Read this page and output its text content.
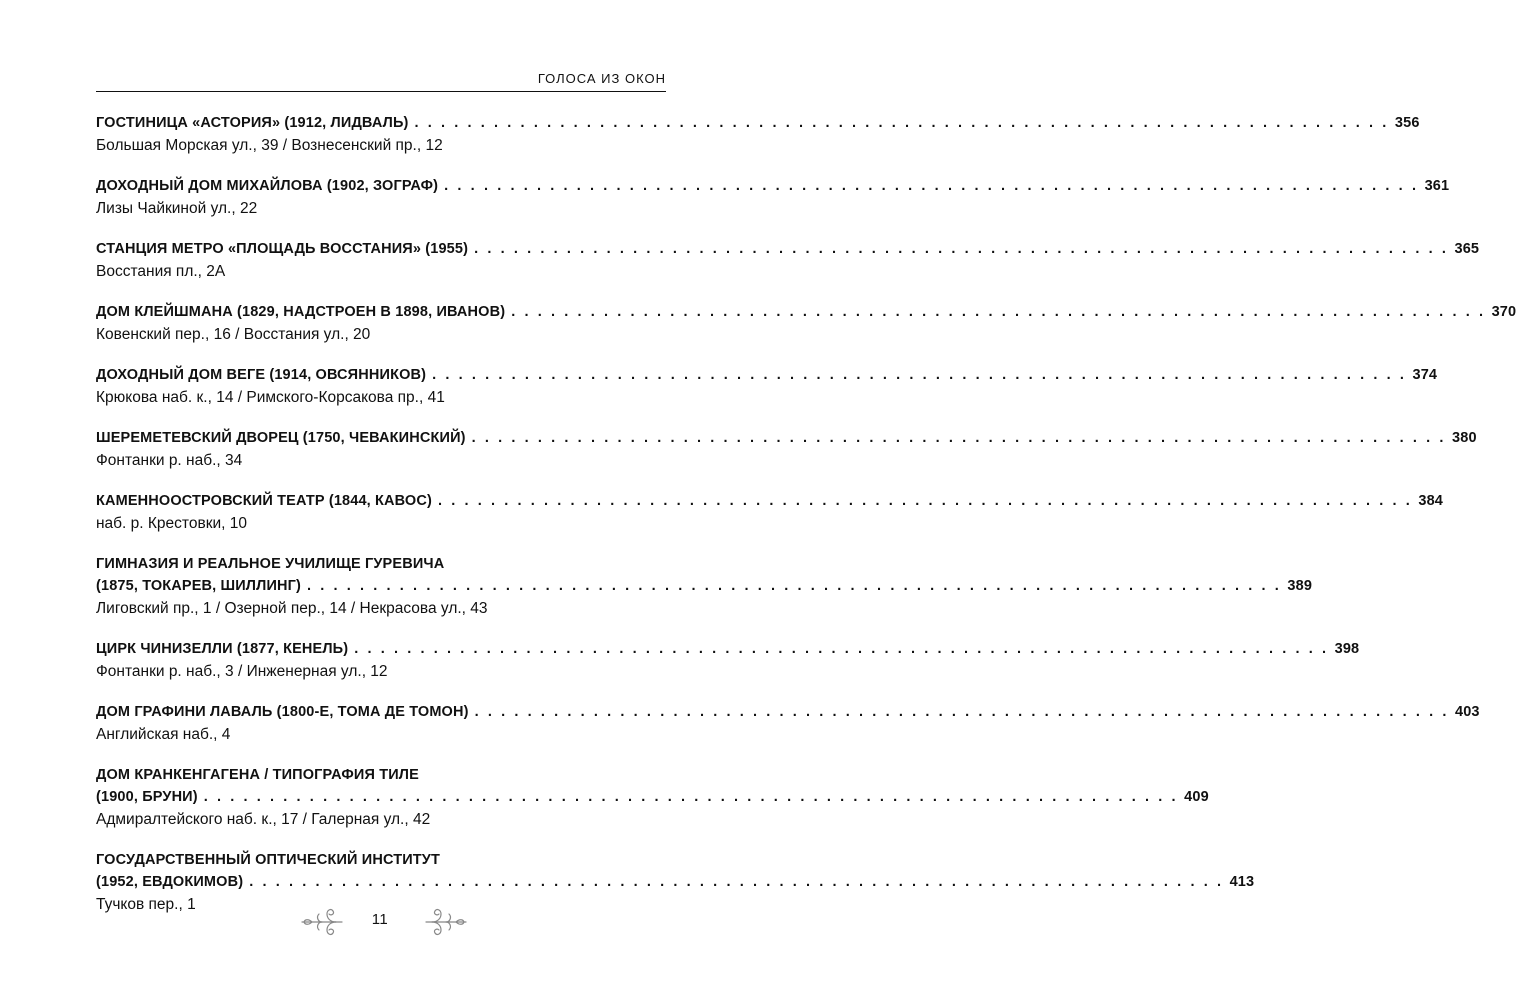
ГОЛОСА ИЗ ОКОН
ГОСТИНИЦА «АСТОРИЯ» (1912, ЛИДВАЛЬ) . . . . . . . . . . . . . . . . . . . . . . . . . . . . . . . . . . . . . . . . . . . . . . . . . . . . . . . . . . . . . . . . . . . . . . . . . . 356
Большая Морская ул., 39 / Вознесенский пр., 12
ДОХОДНЫЙ ДОМ МИХАЙЛОВА (1902, ЗОГРАФ) . . . . . . . . . . . . . . . . . . . . . . . . . . . . . . . . . . . . . . . . . . . . . . . . . . . . . . . . . . . . . . . . . . . . . . . . . . 361
Лизы Чайкиной ул., 22
СТАНЦИЯ МЕТРО «ПЛОЩАДЬ ВОССТАНИЯ» (1955) . . . . . . . . . . . . . . . . . . . . . . . . . . . . . . . . . . . . . . . . . . . . . . . . . . . . . . . . . . . . . . . . . . . . . . . . . . 365
Восстания пл., 2А
ДОМ КЛЕЙШМАНА (1829, НАДСТРОЕН В 1898, ИВАНОВ) . . . . . . . . . . . . . . . . . . . . . . . . . . . . . . . . . . . . . . . . . . . . . . . . . . . . . . . . . . . . . . . . . . . . . . . . . . 370
Ковенский пер., 16 / Восстания ул., 20
ДОХОДНЫЙ ДОМ ВЕГЕ (1914, ОВСЯННИКОВ) . . . . . . . . . . . . . . . . . . . . . . . . . . . . . . . . . . . . . . . . . . . . . . . . . . . . . . . . . . . . . . . . . . . . . . . . . . 374
Крюкова наб. к., 14 / Римского-Корсакова пр., 41
ШЕРЕМЕТЕВСКИЙ ДВОРЕЦ (1750, ЧЕВАКИНСКИЙ) . . . . . . . . . . . . . . . . . . . . . . . . . . . . . . . . . . . . . . . . . . . . . . . . . . . . . . . . . . . . . . . . . . . . . . . . . . 380
Фонтанки р. наб., 34
КАМЕННООСТРОВСКИЙ ТЕАТР (1844, КАВОС) . . . . . . . . . . . . . . . . . . . . . . . . . . . . . . . . . . . . . . . . . . . . . . . . . . . . . . . . . . . . . . . . . . . . . . . . . . 384
наб. р. Крестовки, 10
ГИМНАЗИЯ И РЕАЛЬНОЕ УЧИЛИЩЕ ГУРЕВИЧА
(1875, ТОКАРЕВ, ШИЛЛИНГ) . . . . . . . . . . . . . . . . . . . . . . . . . . . . . . . . . . . . . . . . . . . . . . . . . . . . . . . . . . . . . . . . . . . . . . . . . . 389
Лиговский пр., 1 / Озерной пер., 14 / Некрасова ул., 43
ЦИРК ЧИНИЗЕЛЛИ (1877, КЕНЕЛЬ) . . . . . . . . . . . . . . . . . . . . . . . . . . . . . . . . . . . . . . . . . . . . . . . . . . . . . . . . . . . . . . . . . . . . . . . . . . 398
Фонтанки р. наб., 3 / Инженерная ул., 12
ДОМ ГРАФИНИ ЛАВАЛЬ (1800-Е, ТОМА ДЕ ТОМОН) . . . . . . . . . . . . . . . . . . . . . . . . . . . . . . . . . . . . . . . . . . . . . . . . . . . . . . . . . . . . . . . . . . . . . . . . . . 403
Английская наб., 4
ДОМ КРАНКЕНГАГЕНА / ТИПОГРАФИЯ ТИЛЕ
(1900, БРУНИ) . . . . . . . . . . . . . . . . . . . . . . . . . . . . . . . . . . . . . . . . . . . . . . . . . . . . . . . . . . . . . . . . . . . . . . . . . . 409
Адмиралтейского наб. к., 17 / Галерная ул., 42
ГОСУДАРСТВЕННЫЙ ОПТИЧЕСКИЙ ИНСТИТУТ
(1952, ЕВДОКИМОВ) . . . . . . . . . . . . . . . . . . . . . . . . . . . . . . . . . . . . . . . . . . . . . . . . . . . . . . . . . . . . . . . . . . . . . . . . . . 413
Тучков пер., 1
11
